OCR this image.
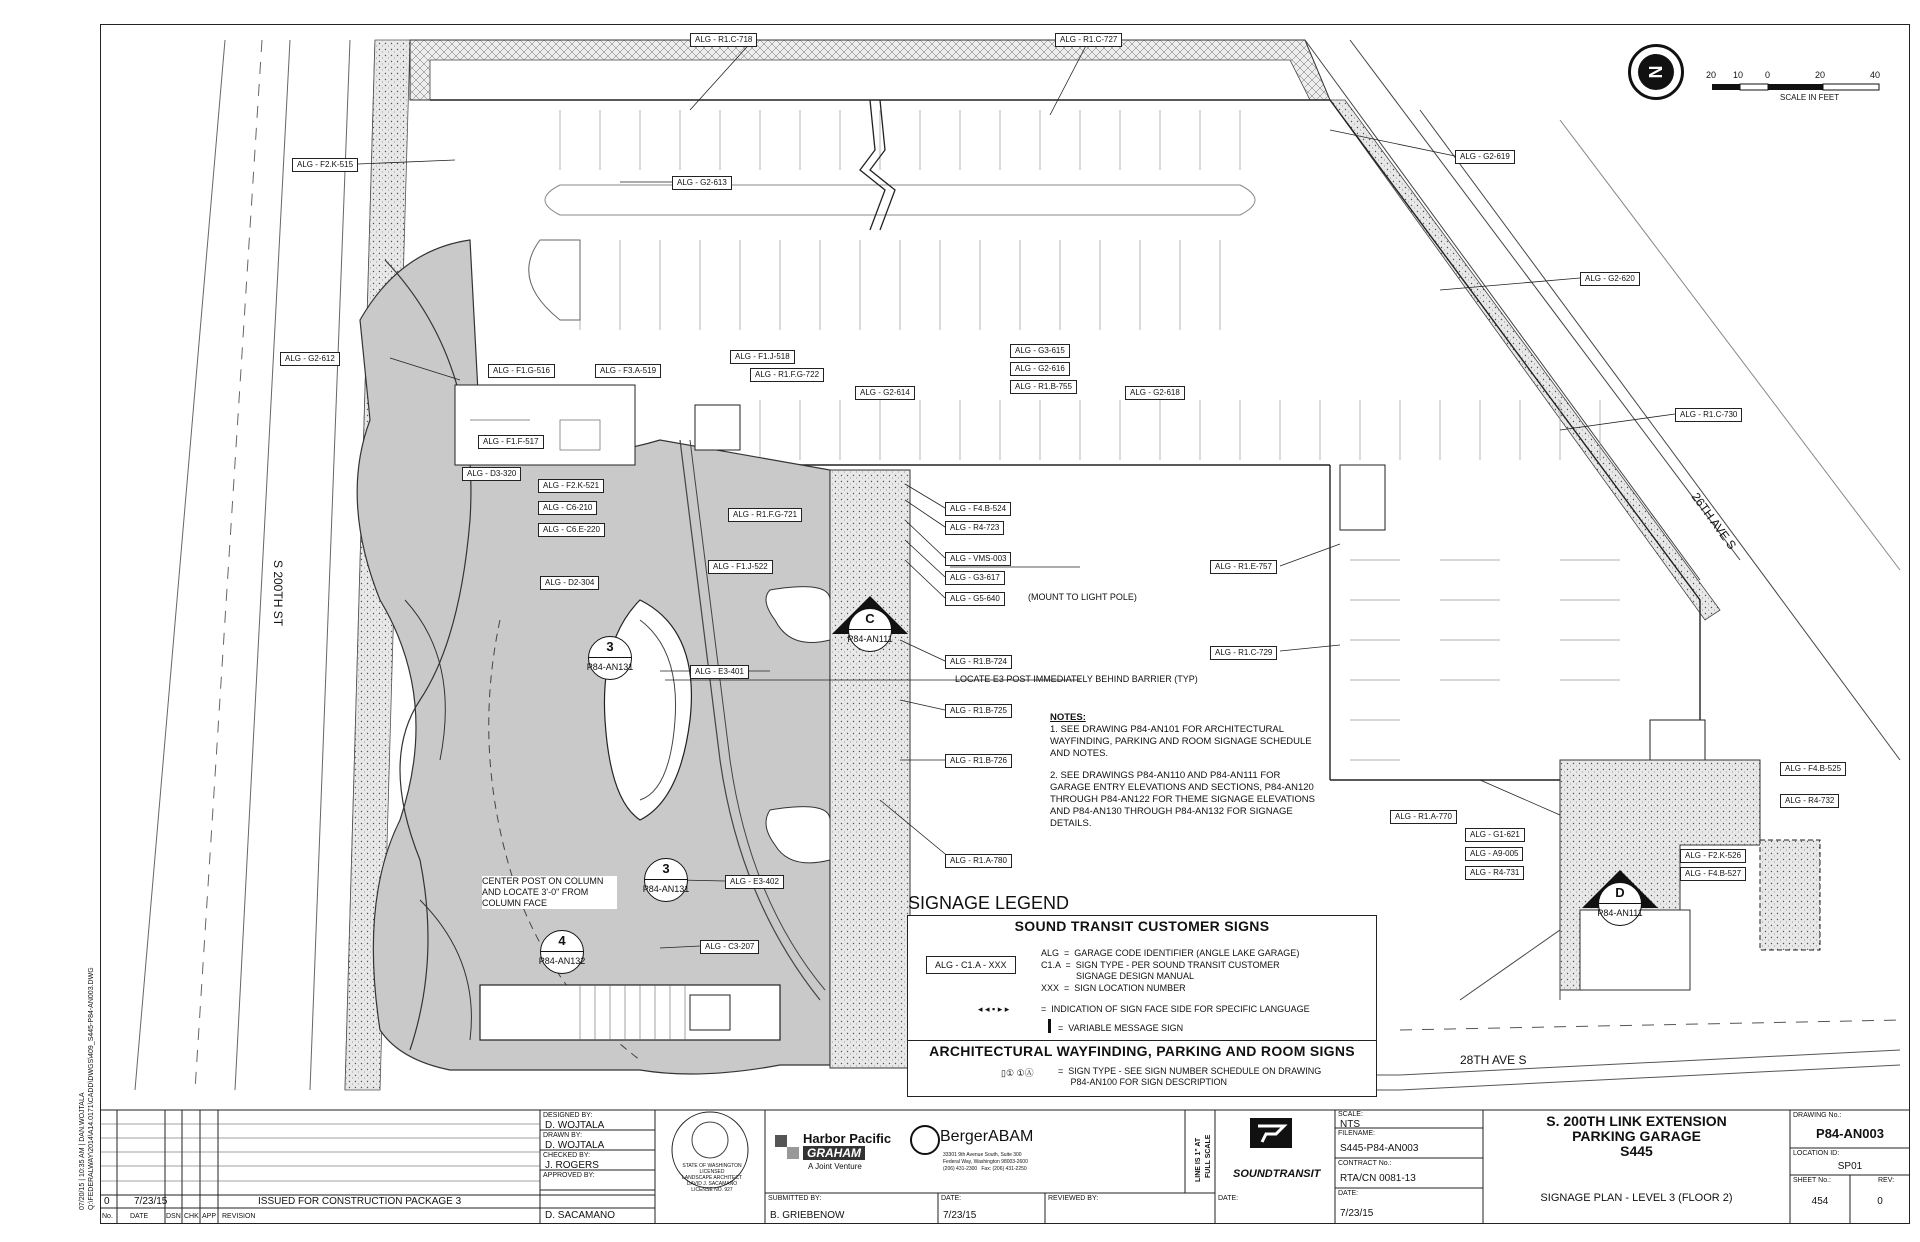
N	20 10 0	20	40
SCALE IN FEET
S 200TH ST
26TH AVE S
28TH AVE S
ALG - R1.C-718	ALG - R1.C-727
ALG - F2.K-515
ALG - G2-613
ALG - G2-619
ALG - G2-620
ALG - G2-612
ALG - F1.G-516	ALG - F3.A-519
ALG - F1.J-518
ALG - R1.F.G-722
ALG - G3-615
ALG - G2-616
ALG - G2-614
ALG - R1.B-755
ALG - G2-618
ALG - R1.C-730
ALG - F1.F-517
ALG - D3-320
ALG - F2.K-521
ALG - C6-210
ALG - C6.E-220
ALG - R1.F.G-721
ALG - F4.B-524
ALG - R4-723
ALG - VMS-003
ALG - R1.E-757
ALG - F1.J-522
ALG - G3-617
ALG - D2-304
ALG - G5-640	(MOUNT TO LIGHT POLE)
ALG - R1.B-724
ALG - R1.C-729
ALG - E3-401
LOCATE E3 POST IMMEDIATELY BEHIND BARRIER (TYP)
ALG - R1.B-725
ALG - R1.B-726
ALG - F4.B-525
ALG - R1.A-770
ALG - R4-732
ALG - G1-621
ALG - A9-005	ALG - F2.K-526
ALG - R4-731	ALG - F4.B-527
ALG - R1.A-780
ALG - E3-402
ALG - C3-207
CENTER POST ON COLUMN
AND LOCATE 3'-0" FROM
COLUMN FACE
C
P84-AN111
D
P84-AN111
3
P84-AN131
3
P84-AN131
4
P84-AN132

NOTES:

1. SEE DRAWING P84-AN101 FOR ARCHITECTURAL WAYFINDING, PARKING AND ROOM SIGNAGE SCHEDULE AND NOTES.

2. SEE DRAWINGS P84-AN110 AND P84-AN111 FOR GARAGE ENTRY ELEVATIONS AND SECTIONS, P84-AN120 THROUGH P84-AN122 FOR THEME SIGNAGE ELEVATIONS AND P84-AN130 THROUGH P84-AN132 FOR SIGNAGE DETAILS.

SIGNAGE LEGEND
SOUND TRANSIT CUSTOMER SIGNS
ALG - C1.A - XXX
ALG  =  GARAGE CODE IDENTIFIER (ANGLE LAKE GARAGE)
C1.A  =  SIGN TYPE - PER SOUND TRANSIT CUSTOMER
SIGNAGE DESIGN MANUAL
XXX  =  SIGN LOCATION NUMBER
◂ ◂ ▪ ▸ ▸	=  INDICATION OF SIGN FACE SIDE FOR SPECIFIC LANGUAGE
=  VARIABLE MESSAGE SIGN
ARCHITECTURAL WAYFINDING, PARKING AND ROOM SIGNS
▯① ①Ⓐ	=  SIGN TYPE - SEE SIGN NUMBER SCHEDULE ON DRAWING
P84-AN100 FOR SIGN DESCRIPTION
07/20/15 | 10:35 AM | DAN.WOJTALA
Q:\FEDERALWAY\2014\A14.0171\CADD\DWGS\409_S445-P84-AN003.DWG 0 7/23/15	ISSUED FOR CONSTRUCTION PACKAGE 3
No. DATE	DSN CHK APP REVISION
DESIGNED BY:
D. WOJTALA
DRAWN BY:
D. WOJTALA
CHECKED BY:
J. ROGERS
APPROVED BY:
D. SACAMANO
STATE OF WASHINGTON
LICENSED
LANDSCAPE ARCHITECT
DAVID J. SACAMANO
LICENSE NO. 927
Harbor Pacific
GRAHAM
A Joint Venture
BergerABAM
33301 9th Avenue South, Suite 300
Federal Way, Washington 98003-2600
(206) 431-2300   Fax: (206) 431-2250
SUBMITTED BY:
B. GRIEBENOW
DATE:
7/23/15
REVIEWED BY:
LINE IS 1" AT FULL SCALE SOUNDTRANSIT
DATE:
SCALE:
NTS
FILENAME:
S445-P84-AN003
CONTRACT No.:
RTA/CN 0081-13
DATE:
7/23/15
S. 200TH LINK EXTENSION
PARKING GARAGE
S445
SIGNAGE PLAN - LEVEL 3 (FLOOR 2)
DRAWING No.:
P84-AN003
LOCATION ID:
SP01
SHEET No.:
454
REV:
0
